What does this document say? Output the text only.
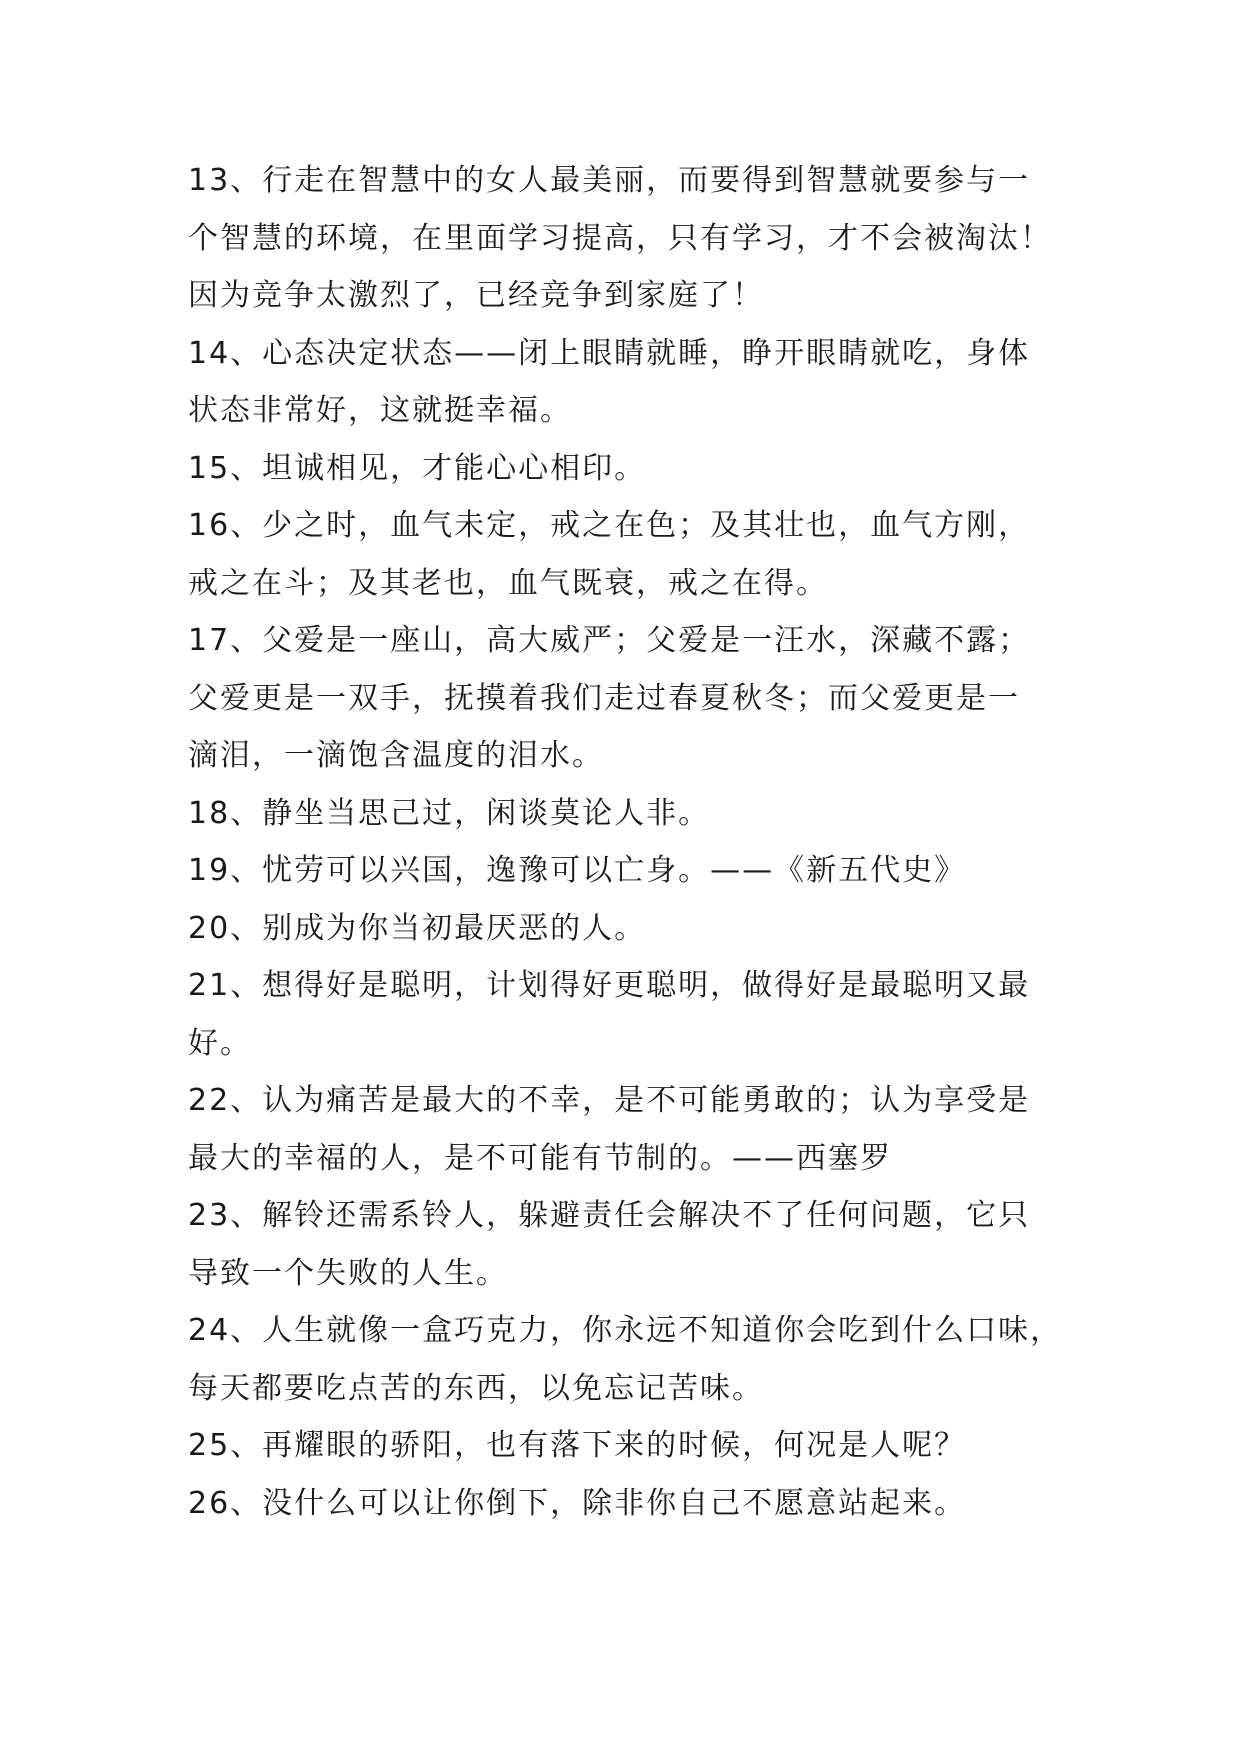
13、行走在智慧中的女人最美丽，而要得到智慧就要参与一
个智慧的环境，在里面学习提高，只有学习，才不会被淘汰！
因为竞争太激烈了，已经竞争到家庭了！
14、心态决定状态——闭上眼睛就睡，睁开眼睛就吃，身体
状态非常好，这就挺幸福。
15、坦诚相见，才能心心相印。
16、少之时，血气未定，戒之在色；及其壮也，血气方刚，
戒之在斗；及其老也，血气既衰，戒之在得。
17、父爱是一座山，高大威严；父爱是一汪水，深藏不露；
父爱更是一双手，抚摸着我们走过春夏秋冬；而父爱更是一
滴泪，一滴饱含温度的泪水。
18、静坐当思己过，闲谈莫论人非。
19、忧劳可以兴国，逸豫可以亡身。——《新五代史》
20、别成为你当初最厌恶的人。
21、想得好是聪明，计划得好更聪明，做得好是最聪明又最
好。
22、认为痛苦是最大的不幸，是不可能勇敢的；认为享受是
最大的幸福的人，是不可能有节制的。——西塞罗
23、解铃还需系铃人，躲避责任会解决不了任何问题，它只
导致一个失败的人生。
24、人生就像一盒巧克力，你永远不知道你会吃到什么口味，
每天都要吃点苦的东西，以免忘记苦味。
25、再耀眼的骄阳，也有落下来的时候，何况是人呢？
26、没什么可以让你倒下，除非你自己不愿意站起来。
